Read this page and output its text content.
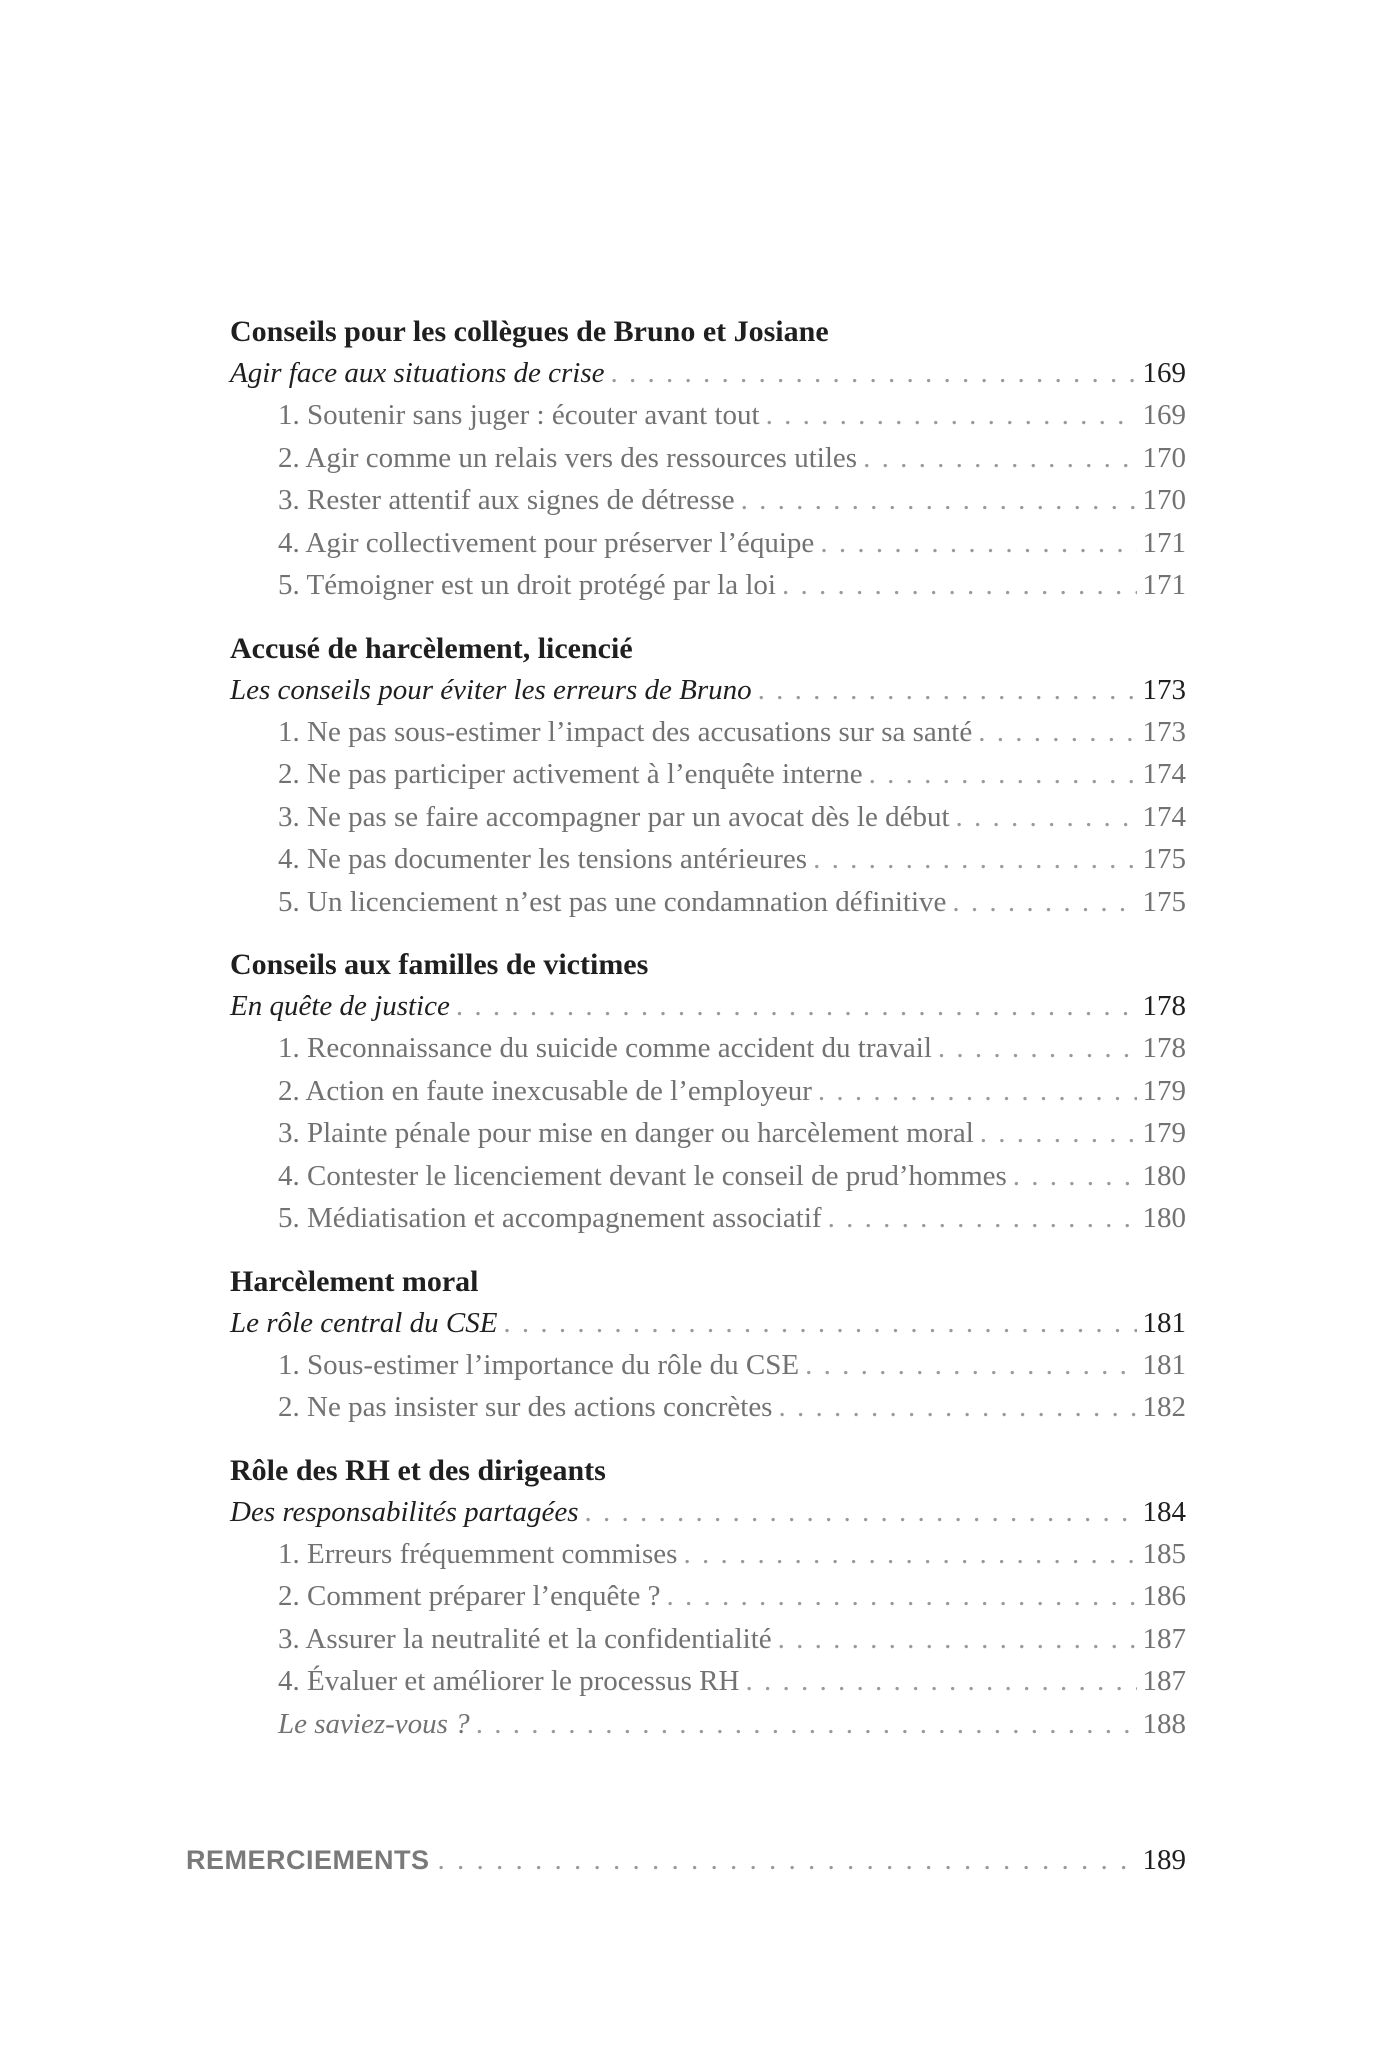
Conseils pour les collègues de Bruno et Josiane
Agir face aux situations de crise . . .	169
1. Soutenir sans juger : écouter avant tout . . .	169
2. Agir comme un relais vers des ressources utiles . . .	170
3. Rester attentif aux signes de détresse . . .	170
4. Agir collectivement pour préserver l’équipe . . .	171
5. Témoigner est un droit protégé par la loi . . .	171
Accusé de harcèlement, licencié
Les conseils pour éviter les erreurs de Bruno . . .	173
1. Ne pas sous-estimer l’impact des accusations sur sa santé . . .	173
2. Ne pas participer activement à l’enquête interne . . .	174
3. Ne pas se faire accompagner par un avocat dès le début . . .	174
4. Ne pas documenter les tensions antérieures . . .	175
5. Un licenciement n’est pas une condamnation définitive . . .	175
Conseils aux familles de victimes
En quête de justice . . .	178
1. Reconnaissance du suicide comme accident du travail . . .	178
2. Action en faute inexcusable de l’employeur . . .	179
3. Plainte pénale pour mise en danger ou harcèlement moral . . .	179
4. Contester le licenciement devant le conseil de prud’hommes . . .	180
5. Médiatisation et accompagnement associatif . . .	180
Harcèlement moral
Le rôle central du CSE . . .	181
1. Sous-estimer l’importance du rôle du CSE . . .	181
2. Ne pas insister sur des actions concrètes . . .	182
Rôle des RH et des dirigeants
Des responsabilités partagées . . .	184
1. Erreurs fréquemment commises . . .	185
2. Comment préparer l’enquête ? . . .	186
3. Assurer la neutralité et la confidentialité . . .	187
4. Évaluer et améliorer le processus RH . . .	187
Le saviez-vous ? . . .	188
REMERCIEMENTS . . .	189
